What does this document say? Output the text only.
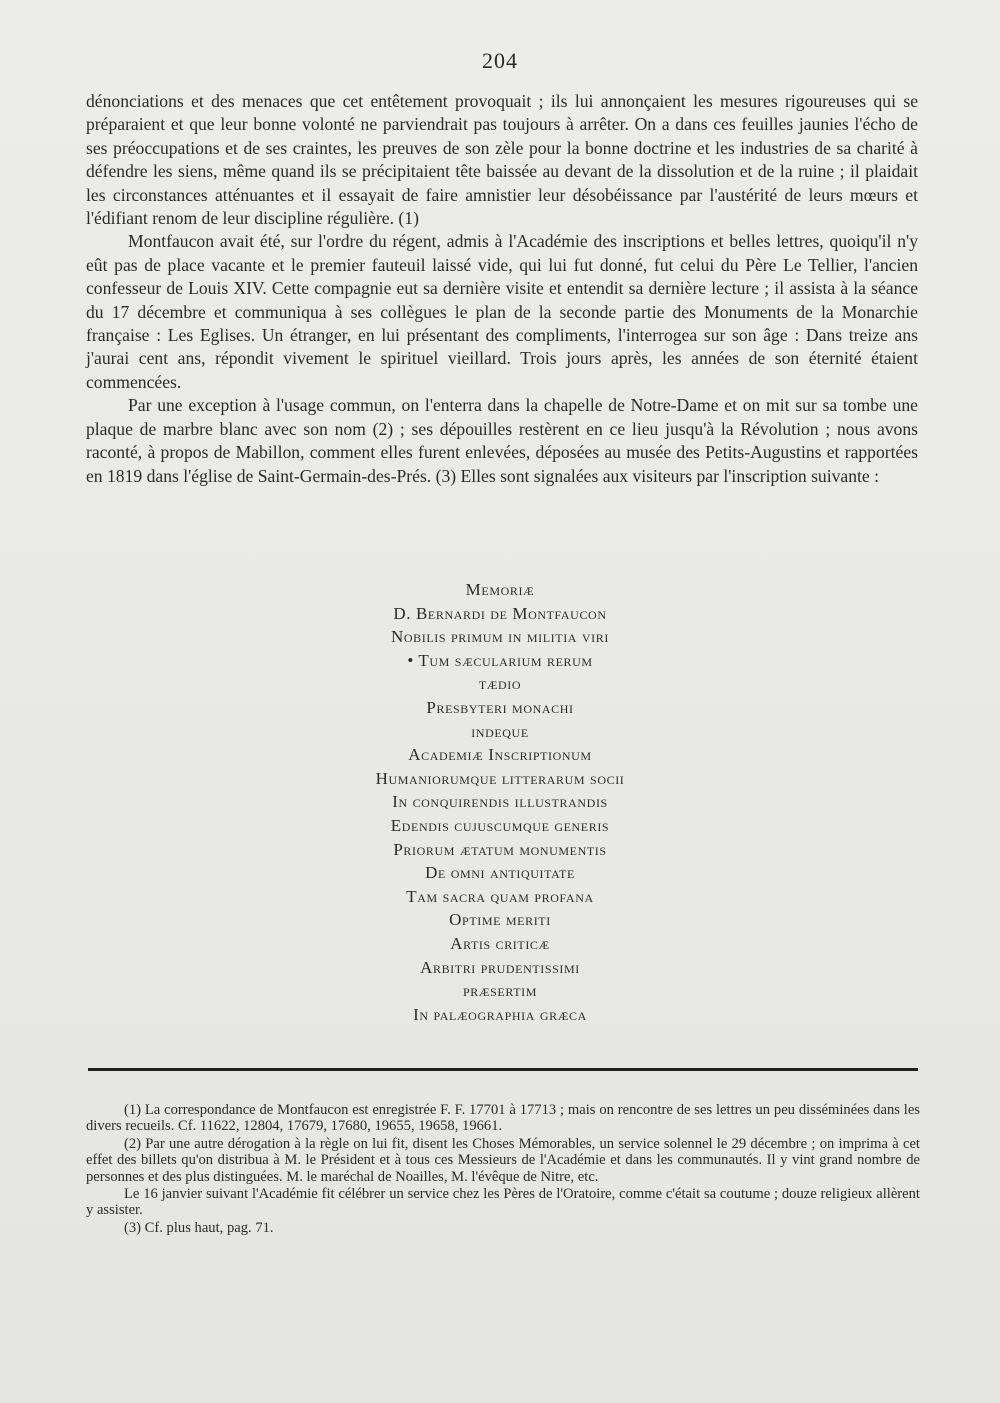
204

dénonciations et des menaces que cet entêtement provoquait ; ils lui annonçaient les mesures rigoureuses qui se préparaient et que leur bonne volonté ne parviendrait pas toujours à arrêter. On a dans ces feuilles jaunies l'écho de ses préoccupations et de ses craintes, les preuves de son zèle pour la bonne doctrine et les industries de sa charité à défendre les siens, même quand ils se précipitaient tête baissée au devant de la dissolution et de la ruine ; il plaidait les circonstances atténuantes et il essayait de faire amnistier leur désobéissance par l'austérité de leurs mœurs et l'édifiant renom de leur discipline régulière. (1)

Montfaucon avait été, sur l'ordre du régent, admis à l'Académie des inscriptions et belles lettres, quoiqu'il n'y eût pas de place vacante et le premier fauteuil laissé vide, qui lui fut donné, fut celui du Père Le Tellier, l'ancien confesseur de Louis XIV. Cette compagnie eut sa dernière visite et entendit sa dernière lecture ; il assista à la séance du 17 décembre et communiqua à ses collègues le plan de la seconde partie des Monuments de la Monarchie française : Les Eglises. Un étranger, en lui présentant des compliments, l'interrogea sur son âge : Dans treize ans j'aurai cent ans, répondit vivement le spirituel vieillard. Trois jours après, les années de son éternité étaient commencées.

Par une exception à l'usage commun, on l'enterra dans la chapelle de Notre-Dame et on mit sur sa tombe une plaque de marbre blanc avec son nom (2) ; ses dépouilles restèrent en ce lieu jusqu'à la Révolution ; nous avons raconté, à propos de Mabillon, comment elles furent enlevées, déposées au musée des Petits-Augustins et rapportées en 1819 dans l'église de Saint-Germain-des-Prés. (3) Elles sont signalées aux visiteurs par l'inscription suivante :

Memoriæ
D. Bernardi de Montfaucon
Nobilis primum in militia viri
• Tum sæcularium rerum
tædio
Presbyteri monachi
indeque
Academiæ Inscriptionum
Humaniorumque litterarum socii
In conquirendis illustrandis
Edendis cujuscumque generis
Priorum ætatum monumentis
De omni antiquitate
Tam sacra quam profana
Optime meriti
Artis criticæ
Arbitri prudentissimi
præsertim
In palæographia græca

(1) La correspondance de Montfaucon est enregistrée F. F. 17701 à 17713 ; mais on rencontre de ses lettres un peu disséminées dans les divers recueils. Cf. 11622, 12804, 17679, 17680, 19655, 19658, 19661.

(2) Par une autre dérogation à la règle on lui fit, disent les Choses Mémorables, un service solennel le 29 décembre ; on imprima à cet effet des billets qu'on distribua à M. le Président et à tous ces Messieurs de l'Académie et dans les communautés. Il y vint grand nombre de personnes et des plus distinguées. M. le maréchal de Noailles, M. l'évêque de Nitre, etc.

Le 16 janvier suivant l'Académie fit célébrer un service chez les Pères de l'Oratoire, comme c'était sa coutume ; douze religieux allèrent y assister.

(3) Cf. plus haut, pag. 71.
